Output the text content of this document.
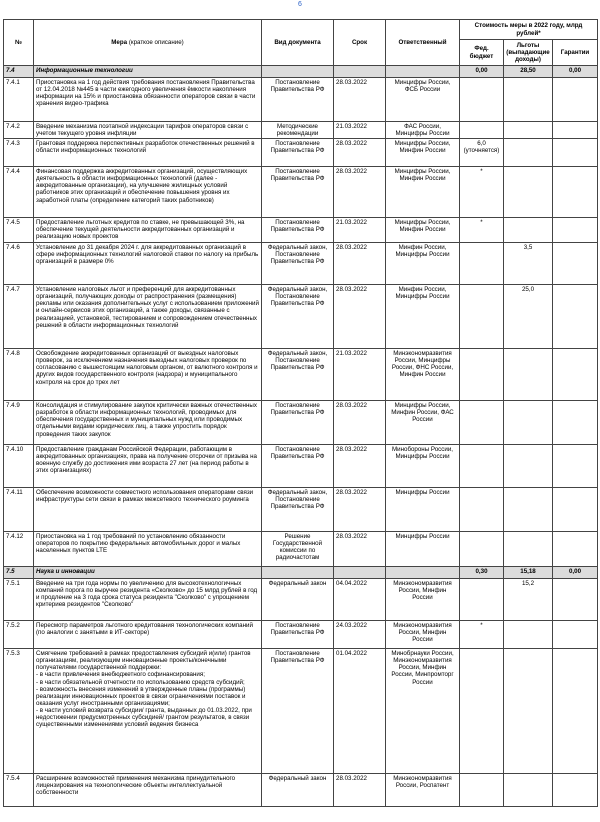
6
№	Мера (краткое описание)	Вид документа	Срок	Ответственный	Стоимость меры в 2022 году, млрд рублей*		
					Фед. бюджет	Льготы (выпадающие доходы)	Гарантии
7.4	Информационные технологии				0,00	28,50	0,00
7.4.1	Приостановка на 1 год действия требования постановления Правительства от 12.04.2018 №445 в части ежегодного увеличения ёмкости накопления информации на 15% и приостановка обязанности операторов связи в части хранения видео-трафика	Постановление Правительства РФ	28.03.2022	Минцифры России, ФСБ России			
7.4.2	Введение механизма поэтапной индексации тарифов операторов связи с учетом текущего уровня инфляции	Методические рекомендации	21.03.2022	ФАС России, Минцифры России			
7.4.3	Грантовая поддержка перспективных разработок отечественных решений в области информационных технологий	Постановление Правительства РФ	28.03.2022	Минцифры России, Минфин России	6,0
(уточняется)		
7.4.4	Финансовая поддержка аккредитованных организаций, осуществляющих деятельность в области информационных технологий (далее - аккредитованные организации), на улучшение жилищных условий работников этих организаций и обеспечение повышения уровня их заработной платы (определение категорий таких работников)	Постановление Правительства РФ	28.03.2022	Минцифры России, Минфин России	*		
7.4.5	Предоставление льготных кредитов по ставке, не превышающей 3%, на обеспечение текущей деятельности аккредитованных организаций и реализацию новых проектов	Постановление Правительства РФ	21.03.2022	Минцифры России, Минфин России	*		
7.4.6	Установление до 31 декабря 2024 г. для аккредитованных организаций в сфере информационных технологий налоговой ставки по налогу на прибыль организаций в размере 0%	Федеральный закон, Постановление Правительства РФ	28.03.2022	Минфин России, Минцифры России		3,5	
7.4.7	Установление налоговых льгот и преференций для аккредитованных организаций, получающих доходы от распространения (размещения) рекламы или оказания дополнительных услуг с использованием приложений и онлайн-сервисов этих организаций, а также доходы, связанные с реализацией, установкой, тестированием и сопровождением отечественных решений в области информационных технологий	Федеральный закон, Постановление Правительства РФ	28.03.2022	Минфин России, Минцифры России		25,0	
7.4.8	Освобождение аккредитованных организаций от выездных налоговых проверок, за исключением назначения выездных налоговых проверок по согласованию с вышестоящим налоговым органом, от валютного контроля и других видов государственного контроля (надзора) и муниципального контроля на срок до трех лет	Федеральный закон, Постановление Правительства РФ	21.03.2022	Минэкономразвития России, Минцифры России, ФНС России, Минфин России			
7.4.9	Консолидация и стимулирование закупок критически важных отечественных разработок в области информационных технологий, проводимых для обеспечения государственных и муниципальных нужд или проводимых отдельными видами юридических лиц, а также упростить порядок проведения таких закупок	Постановление Правительства РФ	28.03.2022	Минцифры России, Минфин России, ФАС России			
7.4.10	Предоставление гражданам Российской Федерации, работающим в аккредитованных организациях, права на получение отсрочки от призыва на военную службу до достижения ими возраста 27 лет (на период работы в этих организациях)	Постановление Правительства РФ	28.03.2022	Минобороны России, Минцифры России			
7.4.11	Обеспечение возможности совместного использования операторами связи инфраструктуры сети связи в рамках межсетевого технического роуминга	Федеральный закон, Постановление Правительства РФ	28.03.2022	Минцифры России			
7.4.12	Приостановка на 1 год требований по установлению обязанности операторов по покрытию федеральных автомобильных дорог и малых населенных пунктов LTE	Решение Государственной комиссии по радиочастотам	28.03.2022	Минцифры России			
7.5	Наука и инновации				0,30	15,18	0,00
7.5.1	Введение на три года нормы по увеличению для высокотехнологичных компаний порога по выручке резидента «Сколково» до 15 млрд рублей в год и продление на 3 года срока статуса резидента "Сколково" с упрощением критериев резидентов "Сколково"	Федеральный закон	04.04.2022	Минэкономразвития России, Минфин России		15,2	
7.5.2	Пересмотр параметров льготного кредитования технологических компаний (по аналогии с занятыми в ИТ-секторе)	Постановление Правительства РФ	24.03.2022	Минэкономразвития России, Минфин России	*		
7.5.3	Смягчение требований в рамках предоставления субсидий и(или) грантов организациям, реализующим инновационные проекты/конечными получателями государственной поддержки:
- в части привлечения внебюджетного софинансирования;
- в части обязательной отчетности по использованию средств субсидий;
- возможность внесения изменений в утвержденные планы (программы) реализации инновационных проектов в связи ограничениями поставок и оказания услуг иностранными организациями;
- в части условий возврата субсидии/ гранта, выданных до 01.03.2022, при недостижении предусмотренных субсидией/ грантом результатов, в связи существенными изменениями условий ведения бизнеса	Постановление Правительства РФ	01.04.2022	Минобрнауки России, Минэкономразвития России, Минфин России, Минпромторг России			
7.5.4	Расширение возможностей применения механизма принудительного лицензирования на технологические объекты интеллектуальной собственности	Федеральный закон	28.03.2022	Минэкономразвития России, Роспатент			
